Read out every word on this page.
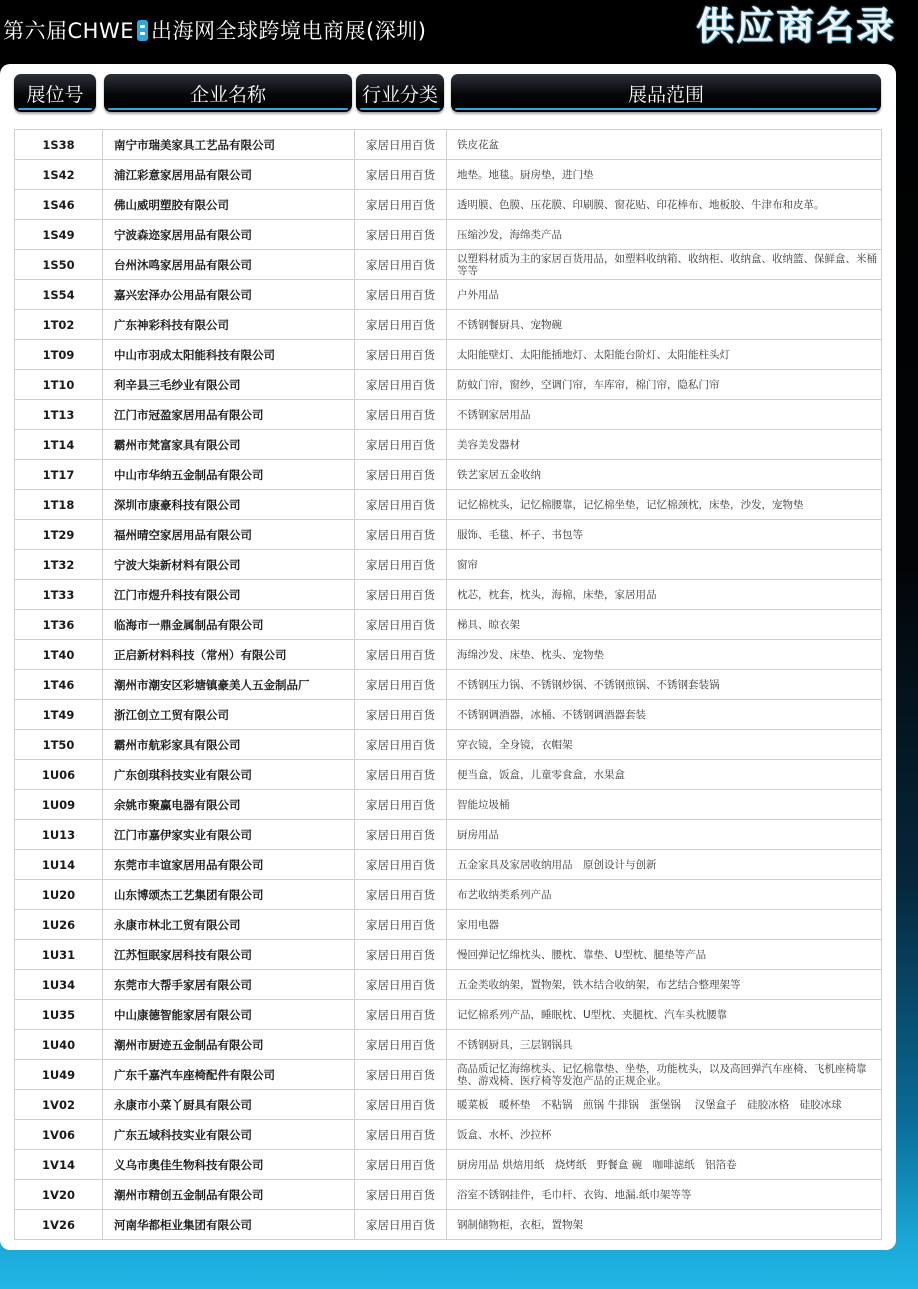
第六届CHWE 出海网全球跨境电商展(深圳)	供应商名录
展位号	企业名称	行业分类	展品范围
1S38	南宁市瑞美家具工艺品有限公司	家居日用百货	铁皮花盆
1S42	浦江彩意家居用品有限公司	家居日用百货	地垫。地毯。厨房垫，进门垫
1S46	佛山威明塑胶有限公司	家居日用百货	透明膜、色膜、压花膜、印刷膜、窗花贴、印花棒布、地板胶、牛津布和皮革。
1S49	宁波森迩家居用品有限公司	家居日用百货	压缩沙发，海绵类产品
1S50	台州沐鸣家居用品有限公司	家居日用百货	以塑料材质为主的家居百货用品，如塑料收纳箱、收纳柜、收纳盒、收纳篮、保鲜盒、米桶等等
1S54	嘉兴宏泽办公用品有限公司	家居日用百货	户外用品
1T02	广东神彩科技有限公司	家居日用百货	不锈钢餐厨具、宠物碗
1T09	中山市羽成太阳能科技有限公司	家居日用百货	太阳能壁灯、太阳能插地灯、太阳能台阶灯、太阳能柱头灯
1T10	利辛县三毛纱业有限公司	家居日用百货	防蚊门帘，窗纱，空调门帘，车库帘，棉门帘，隐私门帘
1T13	江门市冠盈家居用品有限公司	家居日用百货	不锈钢家居用品
1T14	霸州市梵富家具有限公司	家居日用百货	美容美发器材
1T17	中山市华纳五金制品有限公司	家居日用百货	铁艺家居五金收纳
1T18	深圳市康豪科技有限公司	家居日用百货	记忆棉枕头，记忆棉腰靠，记忆棉坐垫，记忆棉颈枕，床垫，沙发，宠物垫
1T29	福州晴空家居用品有限公司	家居日用百货	服饰、毛毯、杯子、书包等
1T32	宁波大柒新材料有限公司	家居日用百货	窗帘
1T33	江门市煜升科技有限公司	家居日用百货	枕芯，枕套，枕头，海棉，床垫，家居用品
1T36	临海市一鼎金属制品有限公司	家居日用百货	梯具、晾衣架
1T40	正启新材料科技（常州）有限公司	家居日用百货	海绵沙发、床垫、枕头、宠物垫
1T46	潮州市潮安区彩塘镇豪美人五金制品厂	家居日用百货	不锈钢压力锅、不锈钢炒锅、不锈钢煎锅、不锈钢套装锅
1T49	浙江创立工贸有限公司	家居日用百货	不锈钢调酒器，冰桶、不锈钢调酒器套装
1T50	霸州市航彩家具有限公司	家居日用百货	穿衣镜，全身镜，衣帽架
1U06	广东创琪科技实业有限公司	家居日用百货	便当盒，饭盒，儿童零食盒，水果盒
1U09	余姚市聚赢电器有限公司	家居日用百货	智能垃圾桶
1U13	江门市嘉伊家实业有限公司	家居日用百货	厨房用品
1U14	东莞市丰谊家居用品有限公司	家居日用百货	五金家具及家居收纳用品　原创设计与创新
1U20	山东博颂杰工艺集团有限公司	家居日用百货	布艺收纳类系列产品
1U26	永康市林北工贸有限公司	家居日用百货	家用电器
1U31	江苏恒眠家居科技有限公司	家居日用百货	慢回弹记忆绵枕头、腰枕、靠垫、U型枕、腿垫等产品
1U34	东莞市大帮手家居有限公司	家居日用百货	五金类收纳架，置物架，铁木结合收纳架，布艺结合整理架等
1U35	中山康德智能家居有限公司	家居日用百货	记忆棉系列产品，睡眠枕、U型枕、夹腿枕、汽车头枕腰靠
1U40	潮州市厨迹五金制品有限公司	家居日用百货	不锈钢厨具，三层钢锅具
1U49	广东千嘉汽车座椅配件有限公司	家居日用百货	高品质记忆海绵枕头、记忆棉靠垫、坐垫，功能枕头，以及高回弹汽车座椅、飞机座椅靠垫、游戏椅、医疗椅等发泡产品的正规企业。
1V02	永康市小菜丫厨具有限公司	家居日用百货	暖菜板　暖杯垫　不粘锅　煎锅 牛排锅　蛋堡锅　 汉堡盒子　硅胶冰格　硅胶冰球
1V06	广东五域科技实业有限公司	家居日用百货	饭盒、水杯、沙拉杯
1V14	义乌市奥佳生物科技有限公司	家居日用百货	厨房用品 烘焙用纸　烧烤纸　野餐盒 碗　咖啡滤纸　铝箔卷
1V20	潮州市精创五金制品有限公司	家居日用百货	浴室不锈钢挂件，毛巾杆、衣钩、地漏.纸巾架等等
1V26	河南华都柜业集团有限公司	家居日用百货	钢制储物柜，衣柜，置物架
